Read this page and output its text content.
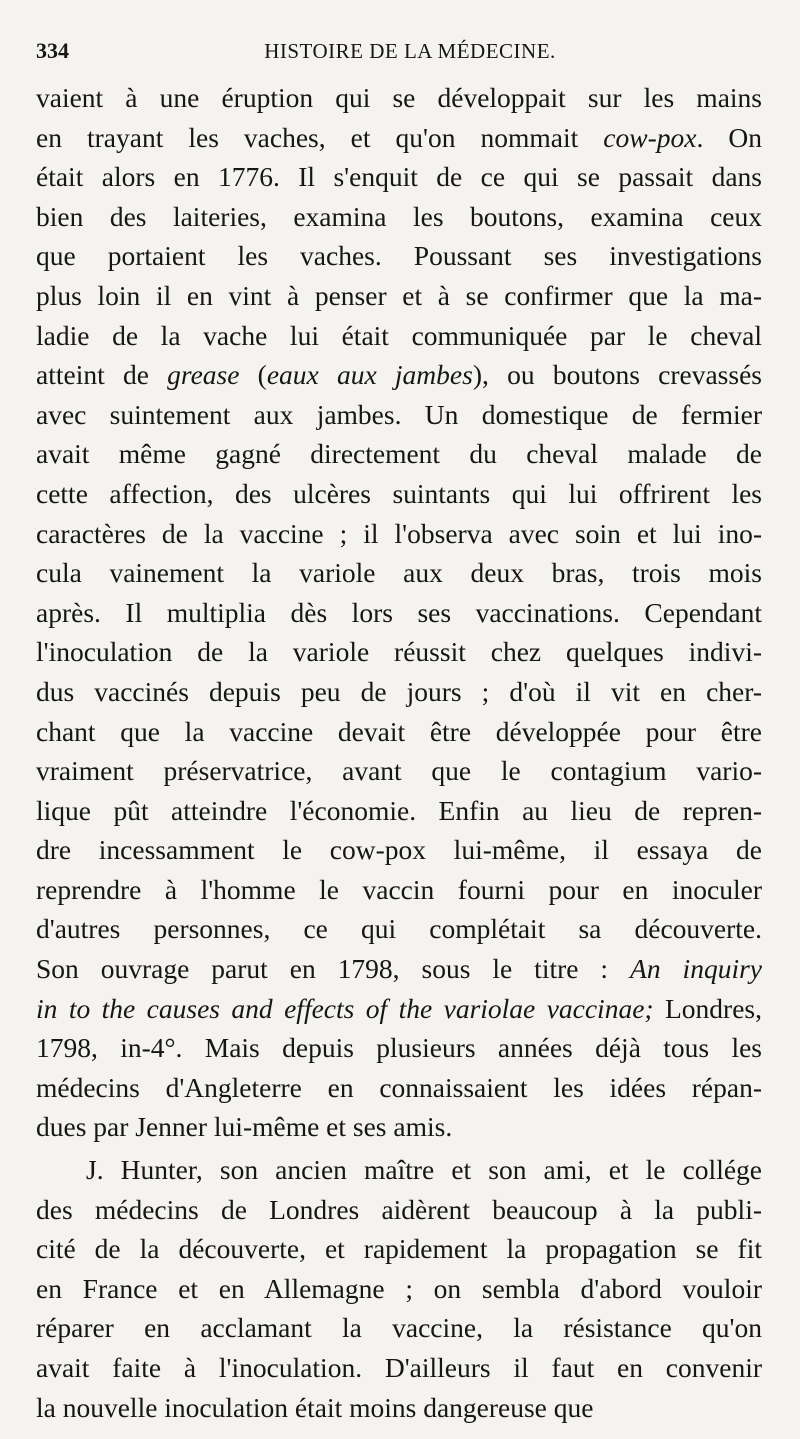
334	HISTOIRE DE LA MÉDECINE.
vaient à une éruption qui se développait sur les mains
en trayant les vaches, et qu'on nommait cow-pox. On
était alors en 1776. Il s'enquit de ce qui se passait dans
bien des laiteries, examina les boutons, examina ceux
que portaient les vaches. Poussant ses investigations
plus loin il en vint à penser et à se confirmer que la ma-
ladie de la vache lui était communiquée par le cheval
atteint de grease (eaux aux jambes), ou boutons crevassés
avec suintement aux jambes. Un domestique de fermier
avait même gagné directement du cheval malade de
cette affection, des ulcères suintants qui lui offrirent les
caractères de la vaccine ; il l'observa avec soin et lui ino-
cula vainement la variole aux deux bras, trois mois
après. Il multiplia dès lors ses vaccinations. Cependant
l'inoculation de la variole réussit chez quelques indivi-
dus vaccinés depuis peu de jours ; d'où il vit en cher-
chant que la vaccine devait être développée pour être
vraiment préservatrice, avant que le contagium vario-
lique pût atteindre l'économie. Enfin au lieu de repren-
dre incessamment le cow-pox lui-même, il essaya de
reprendre à l'homme le vaccin fourni pour en inoculer
d'autres personnes, ce qui complétait sa découverte.
Son ouvrage parut en 1798, sous le titre : An inquiry
in to the causes and effects of the variolae vaccinae; Londres,
1798, in-4°. Mais depuis plusieurs années déjà tous les
médecins d'Angleterre en connaissaient les idées répan-
dues par Jenner lui-même et ses amis.
J. Hunter, son ancien maître et son ami, et le collége
des médecins de Londres aidèrent beaucoup à la publi-
cité de la découverte, et rapidement la propagation se fit
en France et en Allemagne ; on sembla d'abord vouloir
réparer en acclamant la vaccine, la résistance qu'on
avait faite à l'inoculation. D'ailleurs il faut en convenir
la nouvelle inoculation était moins dangereuse que
